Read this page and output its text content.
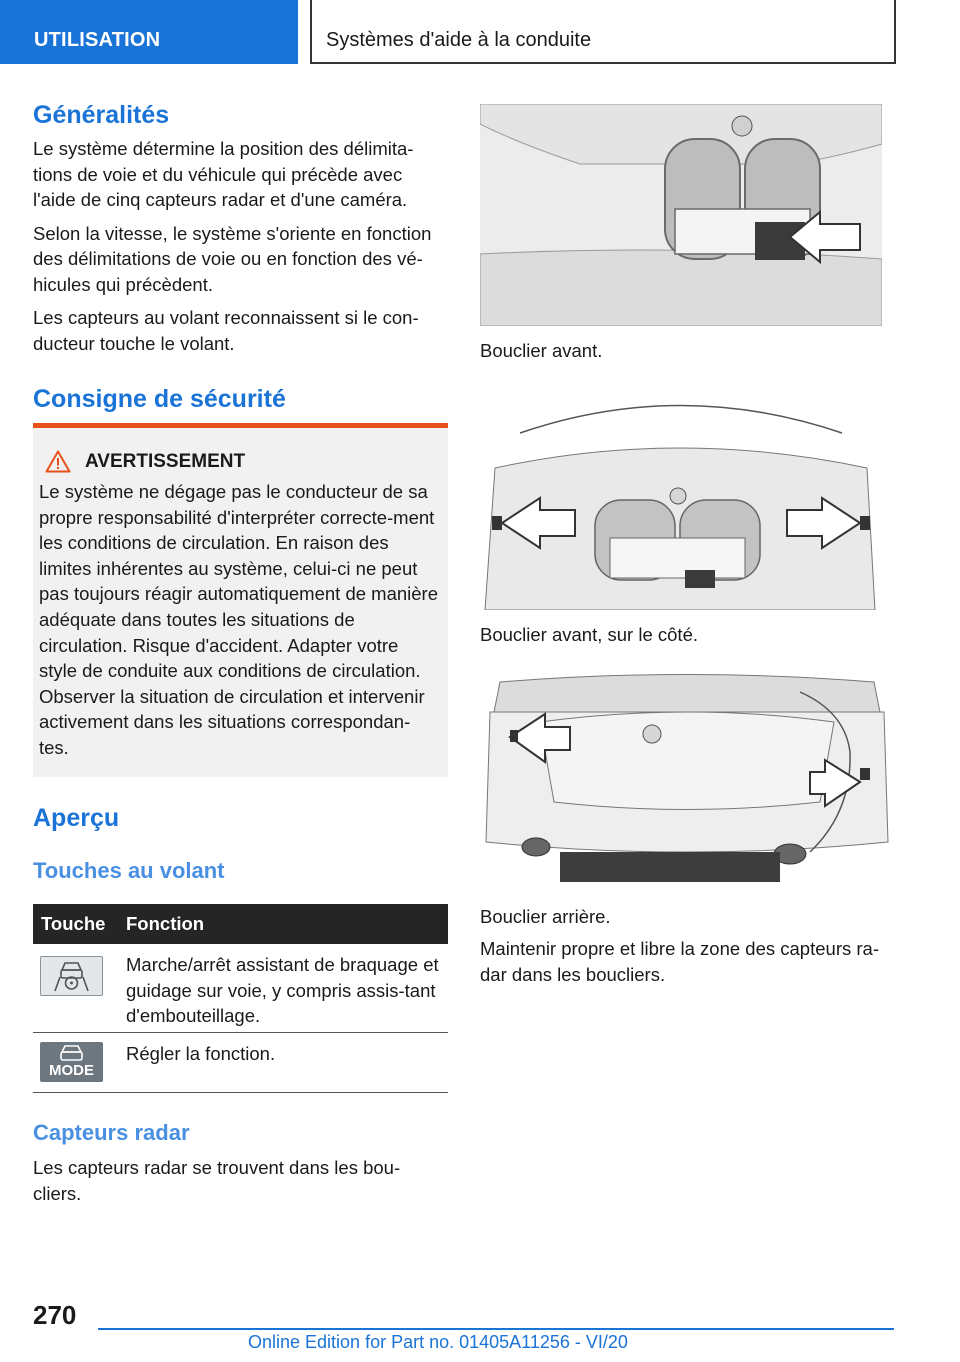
UTILISATION	Systèmes d'aide à la conduite
Généralités

Le système détermine la position des délimita-tions de voie et du véhicule qui précède avec l'aide de cinq capteurs radar et d'une caméra.

Selon la vitesse, le système s'oriente en fonction des délimitations de voie ou en fonction des vé-hicules qui précèdent.

Les capteurs au volant reconnaissent si le con-ducteur touche le volant.

Consigne de sécurité
AVERTISSEMENT

Le système ne dégage pas le conducteur de sa propre responsabilité d'interpréter correcte-ment les conditions de circulation. En raison des limites inhérentes au système, celui-ci ne peut pas toujours réagir automatiquement de manière adéquate dans toutes les situations de circulation. Risque d'accident. Adapter votre style de conduite aux conditions de circulation. Observer la situation de circulation et intervenir activement dans les situations correspondan-tes.

Aperçu
Touches au volant
Touche	Fonction
Marche/arrêt assistant de braquage et guidage sur voie, y compris assis-tant d'embouteillage.
MODE
Régler la fonction.
Capteurs radar

Les capteurs radar se trouvent dans les bou-cliers.

Bouclier avant.
Bouclier avant, sur le côté.
Bouclier arrière.

Maintenir propre et libre la zone des capteurs ra-dar dans les boucliers.

270
Online Edition for Part no. 01405A11256 - VI/20
